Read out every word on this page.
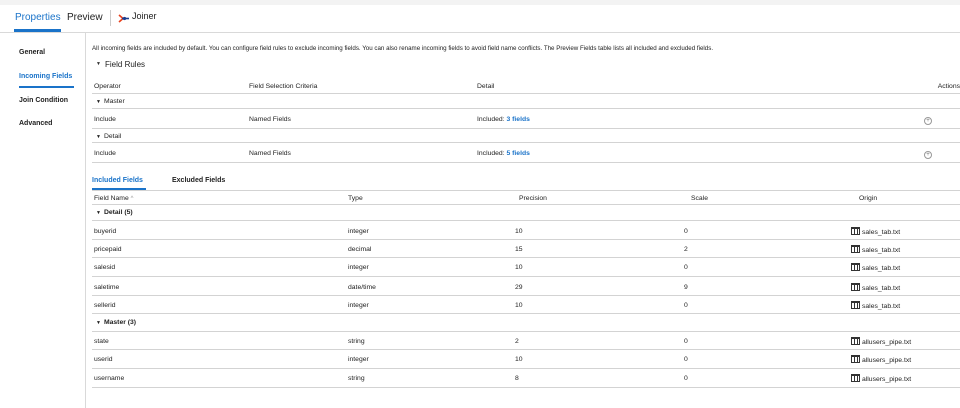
Properties Preview	Joiner
General
Incoming Fields
Join Condition
Advanced
All incoming fields are included by default. You can configure field rules to exclude incoming fields. You can also rename incoming fields to avoid field name conflicts. The Preview Fields table lists all included and excluded fields.
▼ Field Rules
Operator	Field Selection Criteria	Detail	Actions
▼ Master
Include	Named Fields	Included: 3 fields	+
▼ Detail
Include	Named Fields	Included: 5 fields	+
Included Fields	Excluded Fields
Field Name ^	Type	Precision	Scale	Origin
▼ Detail (5)
buyerid	integer	10	0	sales_tab.txt
pricepaid	decimal	15	2	sales_tab.txt
salesid	integer	10	0	sales_tab.txt
saletime	date/time	29	9	sales_tab.txt
sellerid	integer	10	0	sales_tab.txt
▼ Master (3)
state	string	2	0	allusers_pipe.txt
userid	integer	10	0	allusers_pipe.txt
username	string	8	0	allusers_pipe.txt
